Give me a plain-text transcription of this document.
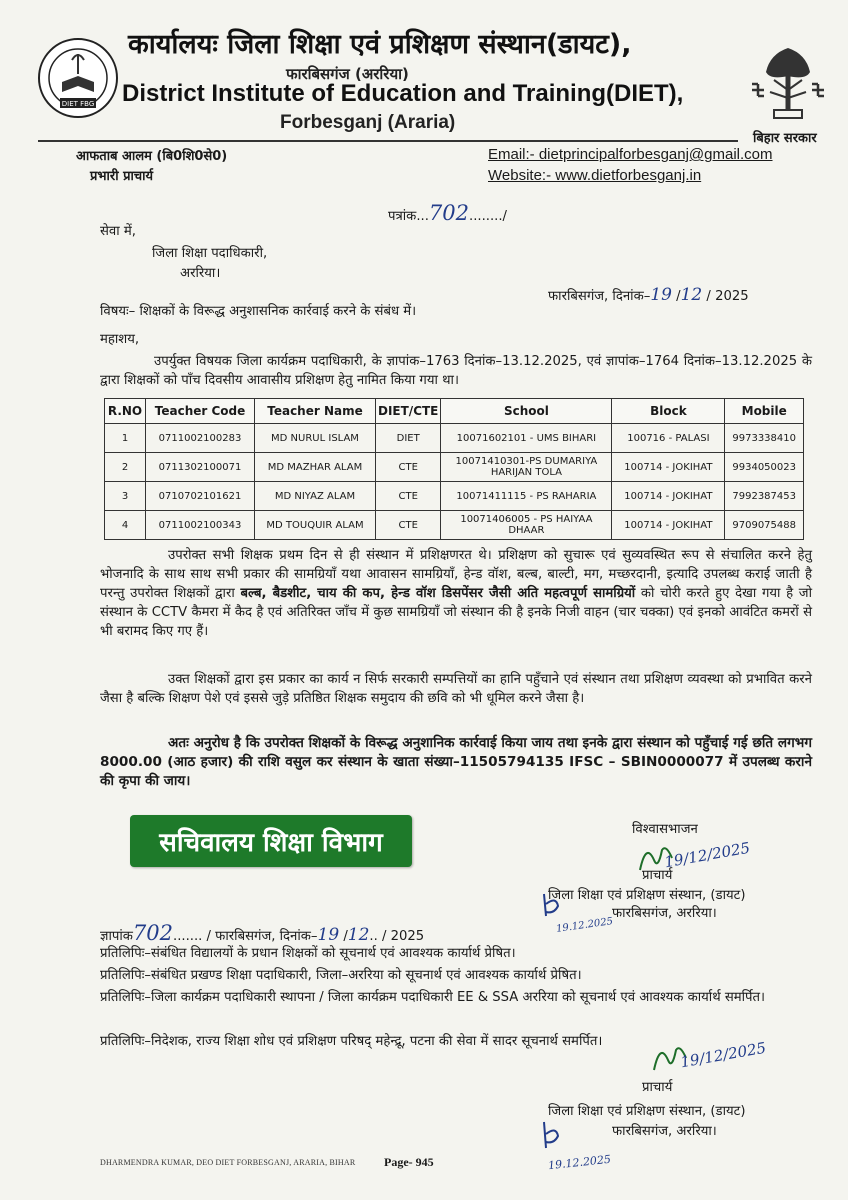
DIET FBG
कार्यालयः जिला शिक्षा एवं प्रशिक्षण संस्थान(डायट),
फारबिसगंज (अररिया)
District Institute of Education and Training(DIET),
Forbesganj (Araria)
बिहार सरकार
आफताब आलम (बि0शि0से0)
प्रभारी प्राचार्य
Email:- dietprincipalforbesganj@gmail.com
Website:- www.dietforbesganj.in
पत्रांक...702......../
सेवा में,
जिला शिक्षा पदाधिकारी,
अररिया।
फारबिसगंज, दिनांक–19 /12 / 2025
विषयः– शिक्षकों के विरूद्ध अनुशासनिक कार्रवाई करने के संबंध में।
महाशय,
उपर्युक्त विषयक जिला कार्यक्रम पदाधिकारी, के ज्ञापांक–1763 दिनांक–13.12.2025, एवं ज्ञापांक–1764 दिनांक–13.12.2025 के द्वारा शिक्षकों को पाँच दिवसीय आवासीय प्रशिक्षण हेतु नामित किया गया था।
R.NO	Teacher Code	Teacher Name	DIET/CTE	School	Block	Mobile
1	0711002100283	MD NURUL ISLAM	DIET	10071602101 - UMS BIHARI	100716 - PALASI	9973338410
2	0711302100071	MD MAZHAR ALAM	CTE	10071410301-PS DUMARIYA HARIJAN TOLA	100714 - JOKIHAT	9934050023
3	0710702101621	MD NIYAZ ALAM	CTE	10071411115 - PS RAHARIA	100714 - JOKIHAT	7992387453
4	0711002100343	MD TOUQUIR ALAM	CTE	10071406005 - PS HAIYAA DHAAR	100714 - JOKIHAT	9709075488
उपरोक्त सभी शिक्षक प्रथम दिन से ही संस्थान में प्रशिक्षणरत थे। प्रशिक्षण को सुचारू एवं सुव्यवस्थित रूप से संचालित करने हेतु भोजनादि के साथ साथ सभी प्रकार की सामग्रियाँ यथा आवासन सामग्रियाँ, हेन्ड वॉश, बल्ब, बाल्टी, मग, मच्छरदानी, इत्यादि उपलब्ध कराई जाती है परन्तु उपरोक्त शिक्षकों द्वारा बल्ब, बैडशीट, चाय की कप, हेन्ड वॉश डिसपेंसर जैसी अति महत्वपूर्ण सामग्रियों को चोरी करते हुए देखा गया है जो संस्थान के CCTV कैमरा में कैद है एवं अतिरिक्त जाँच में कुछ सामग्रियाँ जो संस्थान की है इनके निजी वाहन (चार चक्का) एवं इनको आवंटित कमरों से भी बरामद किए गए हैं।
उक्त शिक्षकों द्वारा इस प्रकार का कार्य न सिर्फ सरकारी सम्पत्तियों का हानि पहुँचाने एवं संस्थान तथा प्रशिक्षण व्यवस्था को प्रभावित करने जैसा है बल्कि शिक्षण पेशे एवं इससे जुड़े प्रतिष्ठित शिक्षक समुदाय की छवि को भी धूमिल करने जैसा है।
अतः अनुरोध है कि उपरोक्त शिक्षकों के विरूद्ध अनुशानिक कार्रवाई किया जाय तथा इनके द्वारा संस्थान को पहुँचाई गई छति लगभग 8000.00 (आठ हजार) की राशि वसुल कर संस्थान के खाता संख्या–11505794135 IFSC – SBIN0000077 में उपलब्ध कराने की कृपा की जाय।
विश्वासभाजन
सचिवालय शिक्षा विभाग	19/12/2025
प्राचार्य
जिला शिक्षा एवं प्रशिक्षण संस्थान, (डायट)
फारबिसगंज, अररिया।
19.12.2025
ज्ञापांक702....... / फारबिसगंज, दिनांक–19 /12.. / 2025
प्रतिलिपिः–संबंधित विद्यालयों के प्रधान शिक्षकों को सूचनार्थ एवं आवश्यक कार्यार्थ प्रेषित।
प्रतिलिपिः–संबंधित प्रखण्ड शिक्षा पदाधिकारी, जिला–अररिया को सूचनार्थ एवं आवश्यक कार्यार्थ प्रेषित।
प्रतिलिपिः–जिला कार्यक्रम पदाधिकारी स्थापना / जिला कार्यक्रम पदाधिकारी EE & SSA अररिया को सूचनार्थ एवं आवश्यक कार्यार्थ समर्पित।
प्रतिलिपिः–निदेशक, राज्य शिक्षा शोध एवं प्रशिक्षण परिषद् महेन्द्रू, पटना की सेवा में सादर सूचनार्थ समर्पित।	19/12/2025
प्राचार्य
जिला शिक्षा एवं प्रशिक्षण संस्थान, (डायट)
फारबिसगंज, अररिया।
19.12.2025
DHARMENDRA KUMAR, DEO DIET FORBESGANJ, ARARIA, BIHAR Page- 945
